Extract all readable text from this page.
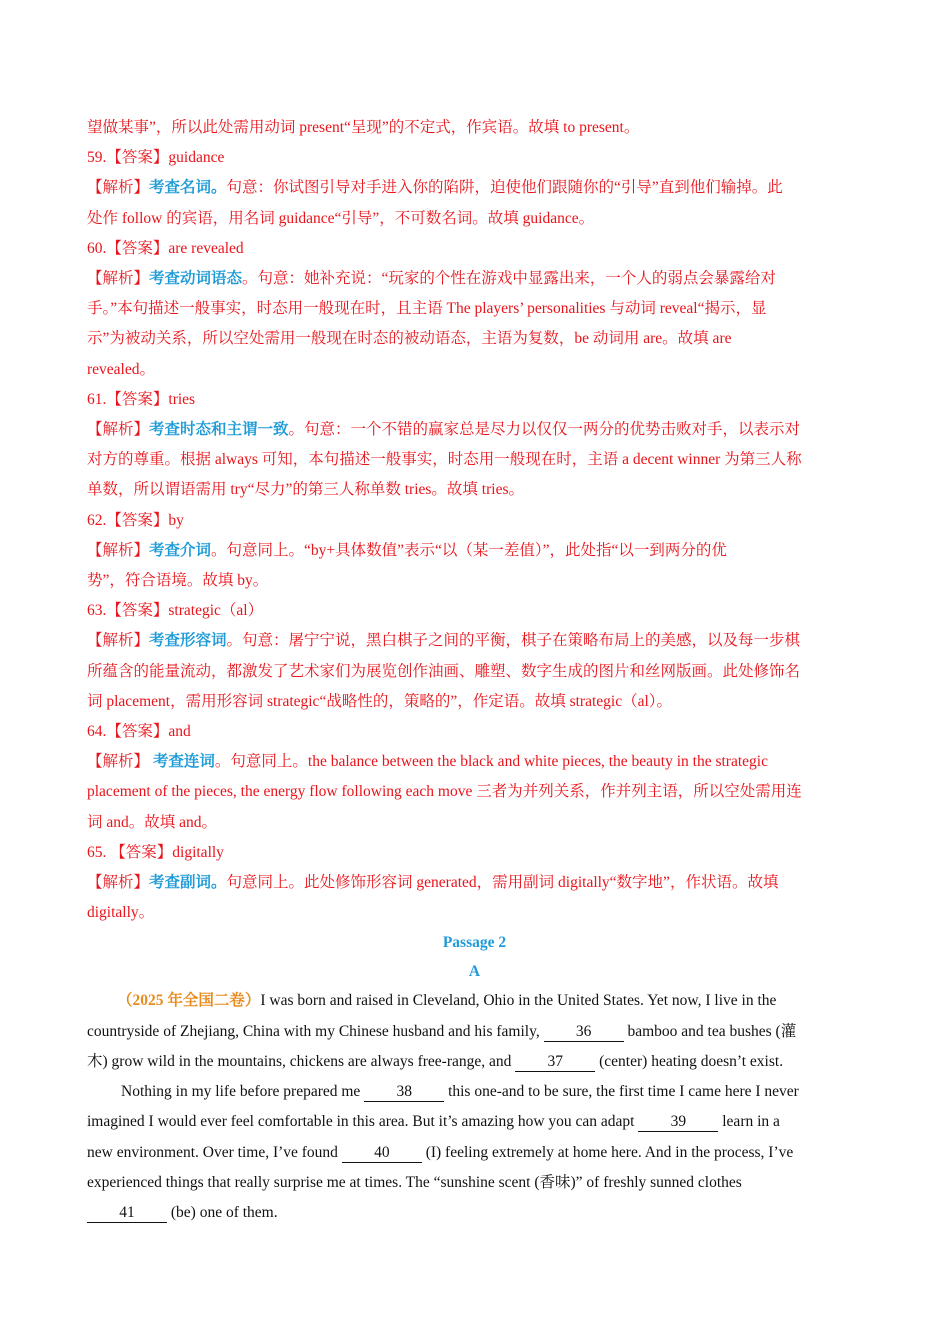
望做某事”，所以此处需用动词 present“呈现”的不定式，作宾语。故填 to present。
59.【答案】guidance
【解析】考查名词。句意：你试图引导对手进入你的陷阱，迫使他们跟随你的“引导”直到他们输掉。此
处作 follow 的宾语，用名词 guidance“引导”，不可数名词。故填 guidance。
60.【答案】are revealed
【解析】考查动词语态。句意：她补充说：“玩家的个性在游戏中显露出来，一个人的弱点会暴露给对
手。”本句描述一般事实，时态用一般现在时，且主语 The players’ personalities 与动词 reveal“揭示，显
示”为被动关系，所以空处需用一般现在时态的被动语态，主语为复数，be 动词用 are。故填 are
revealed。
61.【答案】tries
【解析】考查时态和主谓一致。句意：一个不错的赢家总是尽力以仅仅一两分的优势击败对手，以表示对
对方的尊重。根据 always 可知，本句描述一般事实，时态用一般现在时，主语 a decent winner 为第三人称
单数，所以谓语需用 try“尽力”的第三人称单数 tries。故填 tries。
62.【答案】by
【解析】考查介词。句意同上。“by+具体数值”表示“以（某一差值）”，此处指“以一到两分的优
势”，符合语境。故填 by。
63.【答案】strategic（al）
【解析】考查形容词。句意：屠宁宁说，黑白棋子之间的平衡，棋子在策略布局上的美感，以及每一步棋
所蕴含的能量流动，都激发了艺术家们为展览创作油画、雕塑、数字生成的图片和丝网版画。此处修饰名
词 placement，需用形容词 strategic“战略性的，策略的”，作定语。故填 strategic（al）。
64.【答案】and
【解析】 考查连词。句意同上。the balance between the black and white pieces, the beauty in the strategic
placement of the pieces, the energy flow following each move 三者为并列关系，作并列主语，所以空处需用连
词 and。故填 and。
65. 【答案】digitally
【解析】考查副词。句意同上。此处修饰形容词 generated，需用副词 digitally“数字地”，作状语。故填
digitally。
Passage 2
A
（2025 年全国二卷）I was born and raised in Cleveland, Ohio in the United States. Yet now, I live in the
countryside of Zhejiang, China with my Chinese husband and his family, 36 bamboo and tea bushes (灌
木) grow wild in the mountains, chickens are always free-range, and 37 (center) heating doesn’t exist.
Nothing in my life before prepared me 38 this one-and to be sure, the first time I came here I never
imagined I would ever feel comfortable in this area. But it’s amazing how you can adapt 39 learn in a
new environment. Over time, I’ve found 40 (I) feeling extremely at home here. And in the process, I’ve
experienced things that really surprise me at times. The “sunshine scent (香味)” of freshly sunned clothes
41 (be) one of them.
